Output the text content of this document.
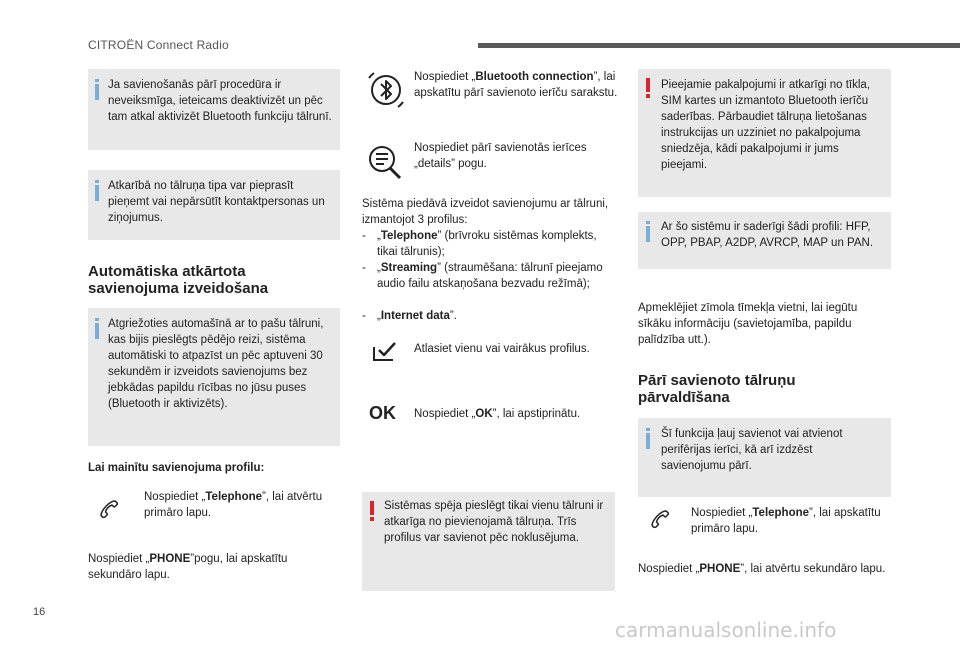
CITROËN Connect Radio
Ja savienošanās pārī procedūra ir neveiksmīga, ieteicams deaktivizēt un pēc tam atkal aktivizēt Bluetooth funkciju tālrunī.
Atkarībā no tālruņa tipa var pieprasīt pieņemt vai nepārsūtīt kontaktpersonas un ziņojumus.
Automātiska atkārtota savienojuma izveidošana
Atgriežoties automašīnā ar to pašu tālruni, kas bijis pieslēgts pēdējo reizi, sistēma automātiski to atpazīst un pēc aptuveni 30 sekundēm ir izveidots savienojums bez jebkādas papildu rīcības no jūsu puses (Bluetooth ir aktivizēts).
Lai mainītu savienojuma profilu:
Nospiediet „Telephone”, lai atvērtu primāro lapu.
Nospiediet „PHONE”pogu, lai apskatītu sekundāro lapu.
Nospiediet „Bluetooth connection”, lai apskatītu pārī savienoto ierīču sarakstu.
Nospiediet pārī savienotās ierīces „details” pogu.
Sistēma piedāvā izveidot savienojumu ar tālruni, izmantojot 3 profilus:
- „Telephone” (brīvroku sistēmas komplekts, tikai tālrunis);
- „Streaming” (straumēšana: tālrunī pieejamo audio failu atskaņošana bezvadu režīmā);
- „Internet data”.
Atlasiet vienu vai vairākus profilus.
OK Nospiediet „OK”, lai apstiprinātu.
Sistēmas spēja pieslēgt tikai vienu tālruni ir atkarīga no pievienojamā tālruņa. Trīs profilus var savienot pēc noklusējuma.
Pieejamie pakalpojumi ir atkarīgi no tīkla, SIM kartes un izmantoto Bluetooth ierīču saderības. Pārbaudiet tālruņa lietošanas instrukcijas un uzziniet no pakalpojuma sniedzēja, kādi pakalpojumi ir jums pieejami.
Ar šo sistēmu ir saderīgi šādi profili: HFP, OPP, PBAP, A2DP, AVRCP, MAP un PAN.
Apmeklējiet zīmola tīmekļa vietni, lai iegūtu sīkāku informāciju (savietojamība, papildu palīdzība utt.).
Pārī savienoto tālruņu pārvaldīšana
Šī funkcija ļauj savienot vai atvienot perifērijas ierīci, kā arī izdzēst savienojumu pārī.
Nospiediet „Telephone”, lai apskatītu primāro lapu.
Nospiediet „PHONE”, lai atvērtu sekundāro lapu.
16
carmanualsonline.info
